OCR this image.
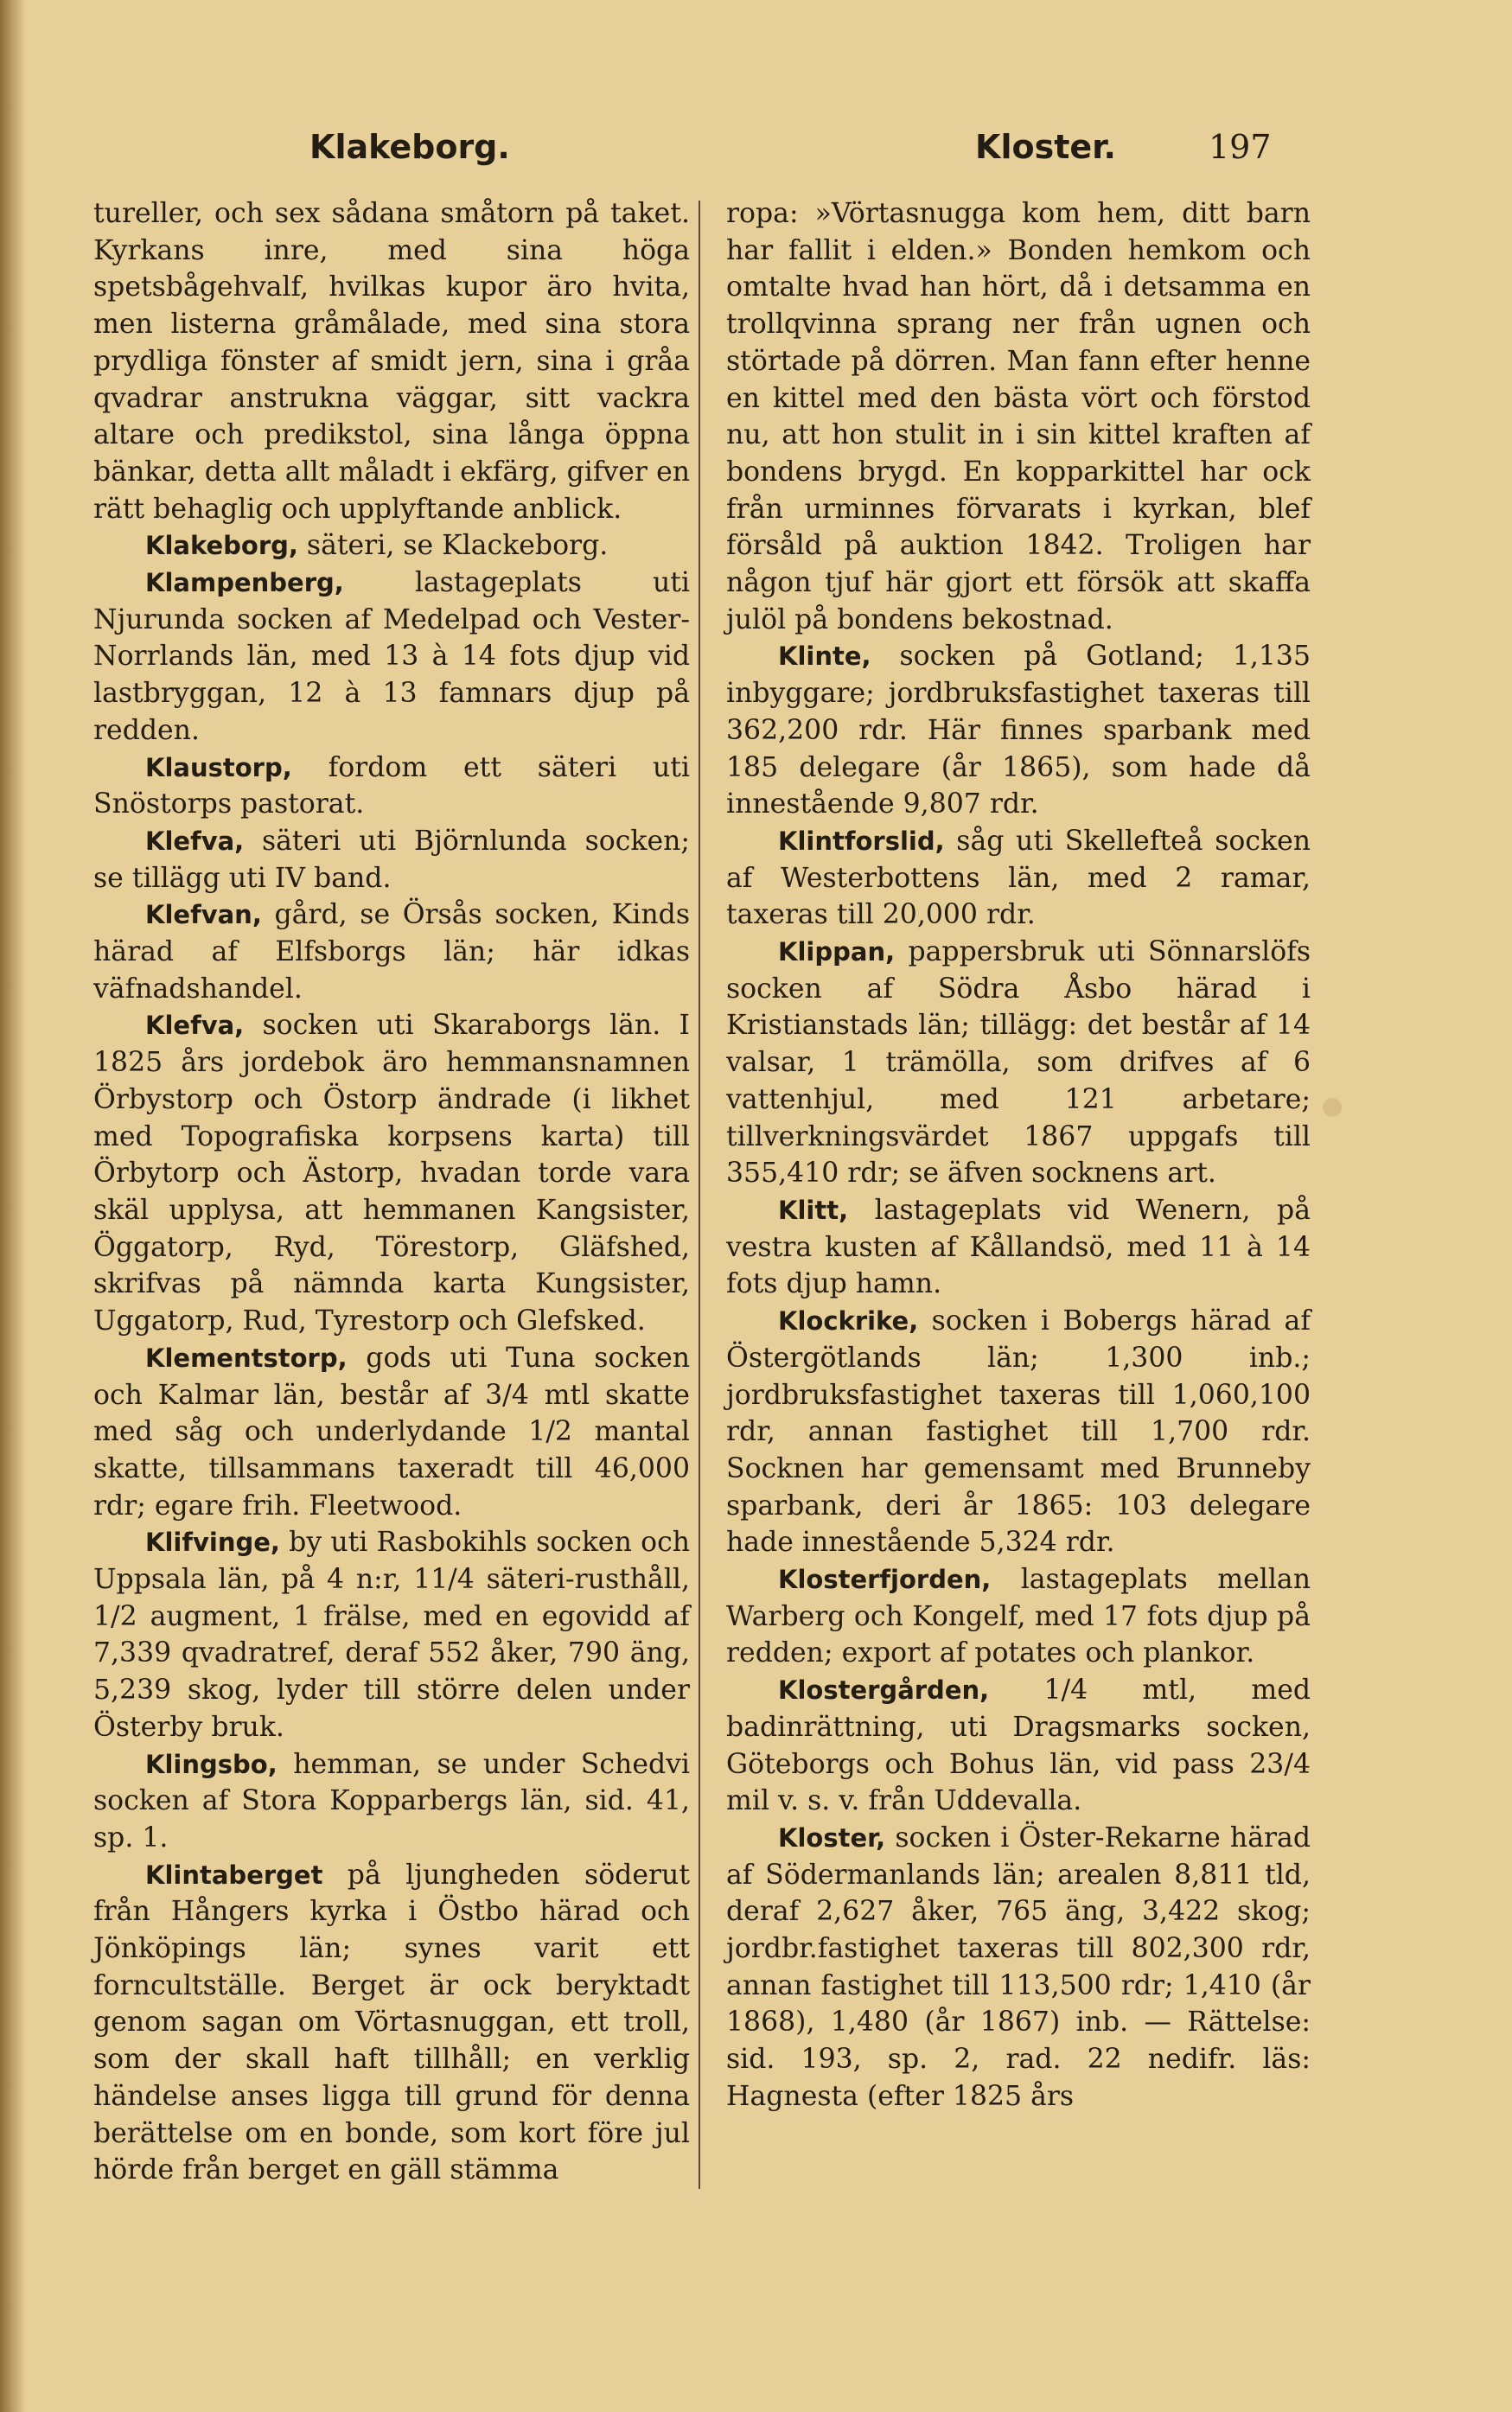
Klakeborg.	Kloster.	197

tureller, och sex sådana småtorn på taket. Kyrkans inre, med sina höga spetsbågehvalf, hvilkas kupor äro hvita, men listerna gråmålade, med sina stora prydliga fönster af smidt jern, sina i gråa qvadrar anstrukna väggar, sitt vackra altare och predikstol, sina långa öppna bänkar, detta allt måladt i ekfärg, gifver en rätt behaglig och upplyftande anblick.

Klakeborg, säteri, se Klackeborg.

Klampenberg, lastageplats uti Njurunda socken af Medelpad och Vester-Norrlands län, med 13 à 14 fots djup vid lastbryggan, 12 à 13 famnars djup på redden.

Klaustorp, fordom ett säteri uti Snöstorps pastorat.

Klefva, säteri uti Björnlunda socken; se tillägg uti IV band.

Klefvan, gård, se Örsås socken, Kinds härad af Elfsborgs län; här idkas väfnadshandel.

Klefva, socken uti Skaraborgs län. I 1825 års jordebok äro hemmansnamnen Örbystorp och Östorp ändrade (i likhet med Topografiska korpsens karta) till Örbytorp och Ästorp, hvadan torde vara skäl upplysa, att hemmanen Kangsister, Öggatorp, Ryd, Törestorp, Gläfshed, skrifvas på nämnda karta Kungsister, Uggatorp, Rud, Tyrestorp och Glefsked.

Klementstorp, gods uti Tuna socken och Kalmar län, består af 3/4 mtl skatte med såg och underlydande 1/2 mantal skatte, tillsammans taxeradt till 46,000 rdr; egare frih. Fleetwood.

Klifvinge, by uti Rasbokihls socken och Uppsala län, på 4 n:r, 11/4 säteri-rusthåll, 1/2 augment, 1 frälse, med en egovidd af 7,339 qvadratref, deraf 552 åker, 790 äng, 5,239 skog, lyder till större delen under Österby bruk.

Klingsbo, hemman, se under Schedvi socken af Stora Kopparbergs län, sid. 41, sp. 1.

Klintaberget på ljungheden söderut från Hångers kyrka i Östbo härad och Jönköpings län; synes varit ett forncultställe. Berget är ock beryktadt genom sagan om Vörtasnuggan, ett troll, som der skall haft tillhåll; en verklig händelse anses ligga till grund för denna berättelse om en bonde, som kort före jul hörde från berget en gäll stämma

ropa: »Vörtasnugga kom hem, ditt barn har fallit i elden.» Bonden hemkom och omtalte hvad han hört, då i detsamma en trollqvinna sprang ner från ugnen och störtade på dörren. Man fann efter henne en kittel med den bästa vört och förstod nu, att hon stulit in i sin kittel kraften af bondens brygd. En kopparkittel har ock från urminnes förvarats i kyrkan, blef försåld på auktion 1842. Troligen har någon tjuf här gjort ett försök att skaffa julöl på bondens bekostnad.

Klinte, socken på Gotland; 1,135 inbyggare; jordbruksfastighet taxeras till 362,200 rdr. Här finnes sparbank med 185 delegare (år 1865), som hade då innestående 9,807 rdr.

Klintforslid, såg uti Skellefteå socken af Westerbottens län, med 2 ramar, taxeras till 20,000 rdr.

Klippan, pappersbruk uti Sönnarslöfs socken af Södra Åsbo härad i Kristianstads län; tillägg: det består af 14 valsar, 1 trämölla, som drifves af 6 vattenhjul, med 121 arbetare; tillverkningsvärdet 1867 uppgafs till 355,410 rdr; se äfven socknens art.

Klitt, lastageplats vid Wenern, på vestra kusten af Kållandsö, med 11 à 14 fots djup hamn.

Klockrike, socken i Bobergs härad af Östergötlands län; 1,300 inb.; jordbruksfastighet taxeras till 1,060,100 rdr, annan fastighet till 1,700 rdr. Socknen har gemensamt med Brunneby sparbank, deri år 1865: 103 delegare hade innestående 5,324 rdr.

Klosterfjorden, lastageplats mellan Warberg och Kongelf, med 17 fots djup på redden; export af potates och plankor.

Klostergården, 1/4 mtl, med badinrättning, uti Dragsmarks socken, Göteborgs och Bohus län, vid pass 23/4 mil v. s. v. från Uddevalla.

Kloster, socken i Öster-Rekarne härad af Södermanlands län; arealen 8,811 tld, deraf 2,627 åker, 765 äng, 3,422 skog; jordbr.fastighet taxeras till 802,300 rdr, annan fastighet till 113,500 rdr; 1,410 (år 1868), 1,480 (år 1867) inb. — Rättelse: sid. 193, sp. 2, rad. 22 nedifr. läs: Hagnesta (efter 1825 års
